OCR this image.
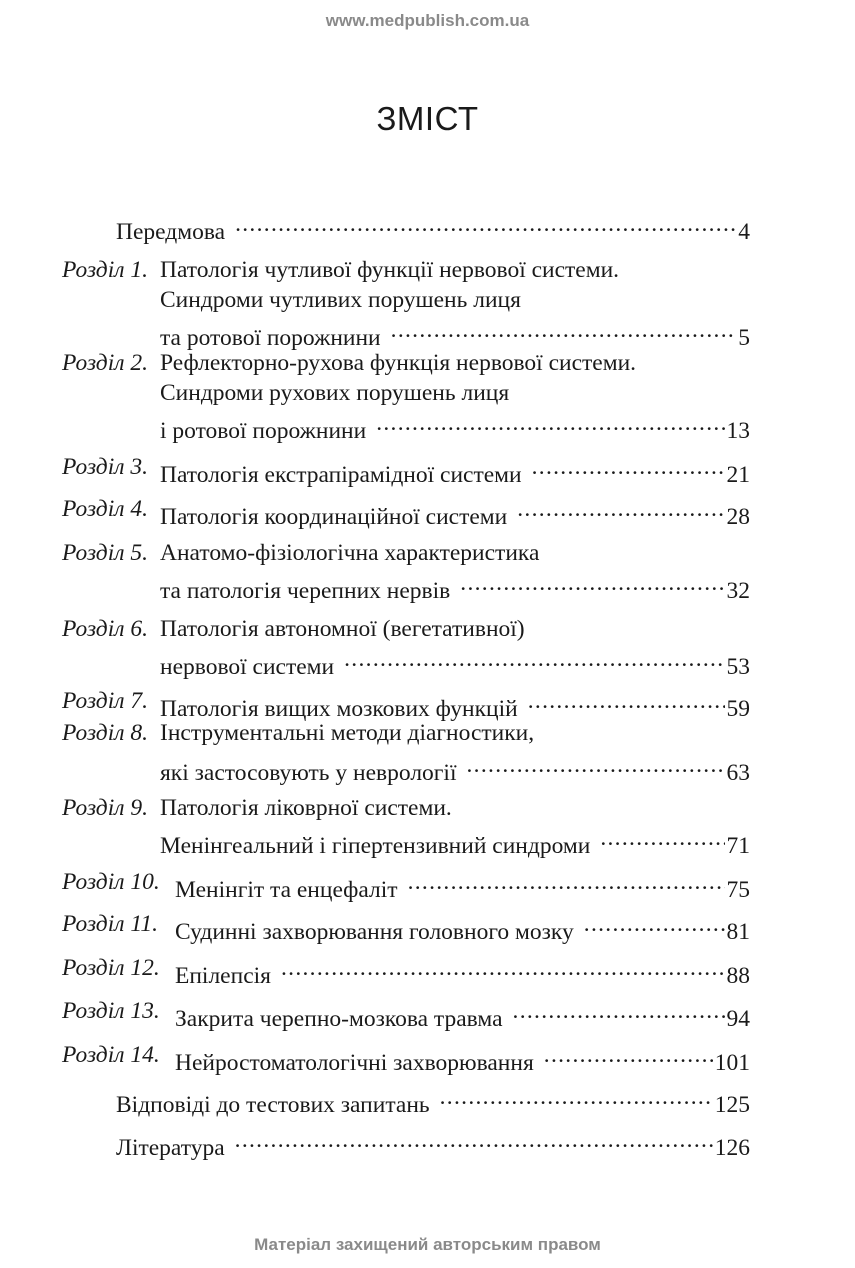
www.medpublish.com.ua
ЗМІСТ
Передмова .....	4
Розділ 1. Патологія чутливої функції нервової системи.
Синдроми чутливих порушень лиця
та ротової порожнини .....	5
Розділ 2. Рефлекторно-рухова функція нервової системи.
Синдроми рухових порушень лиця
і ротової порожнини .....	13
Розділ 3. Патологія екстрапірамідної системи .....	21
Розділ 4. Патологія координаційної системи .....	28
Розділ 5. Анатомо-фізіологічна характеристика
та патологія черепних нервів .....	32
Розділ 6. Патологія автономної (вегетативної)
нервової системи .....	53
Розділ 7. Патологія вищих мозкових функцій .....	59
Розділ 8. Інструментальні методи діагностики,
які застосовують у неврології .....	63
Розділ 9. Патологія ліковрної системи.
Менінгеальний і гіпертензивний синдроми .....	71
Розділ 10. Менінгіт та енцефаліт .....	75
Розділ 11. Судинні захворювання головного мозку .....	81
Розділ 12. Епілепсія .....	88
Розділ 13. Закрита черепно-мозкова травма .....	94
Розділ 14. Нейростоматологічні захворювання .....	101
Відповіді до тестових запитань .....	125
Література .....	126
Матеріал захищений авторським правом
